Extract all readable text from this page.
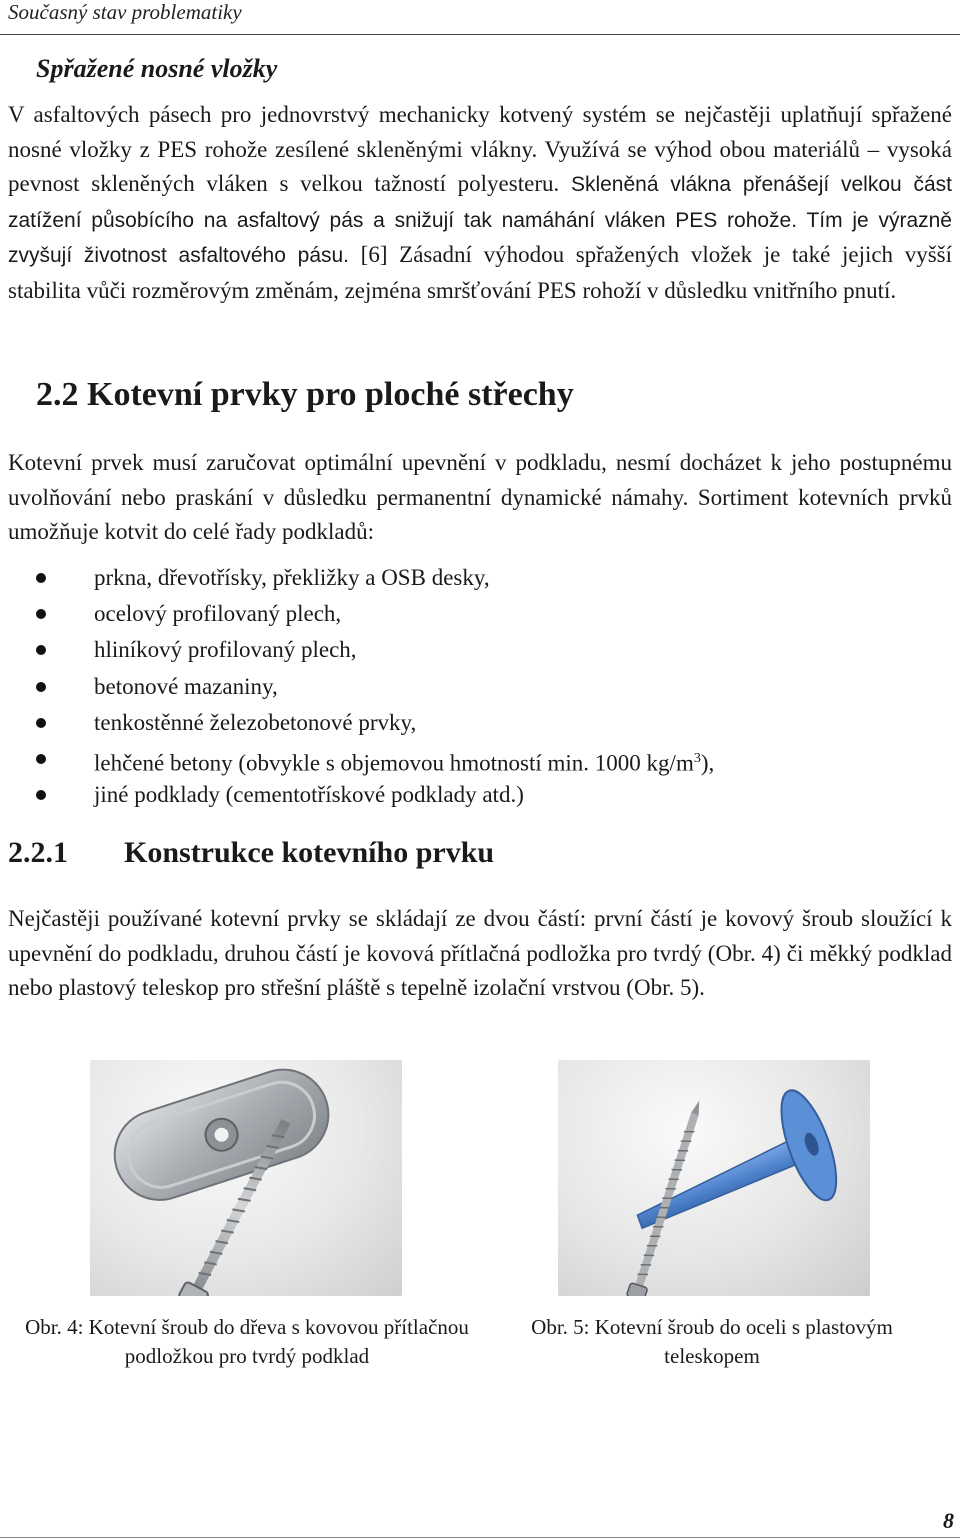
Současný stav problematiky
Spřažené nosné vložky

V asfaltových pásech pro jednovrstvý mechanicky kotvený systém se nejčastěji uplatňují spřažené nosné vložky z PES rohože zesílené skleněnými vlákny. Využívá se výhod obou materiálů – vysoká pevnost skleněných vláken s velkou tažností polyesteru. Skleněná vlákna přenášejí velkou část zatížení působícího na asfaltový pás a snižují tak namáhání vláken PES rohože. Tím je výrazně zvyšují životnost asfaltového pásu. [6] Zásadní výhodou spřažených vložek je také jejich vyšší stabilita vůči rozměrovým změnám, zejména smršťování PES rohoží v důsledku vnitřního pnutí.

2.2 Kotevní prvky pro ploché střechy

Kotevní prvek musí zaručovat optimální upevnění v podkladu, nesmí docházet k jeho postupnému uvolňování nebo praskání v důsledku permanentní dynamické námahy. Sortiment kotevních prvků umožňuje kotvit do celé řady podkladů:

prkna, dřevotřísky, překližky a OSB desky,
ocelový profilovaný plech,
hliníkový profilovaný plech,
betonové mazaniny,
tenkostěnné železobetonové prvky,
lehčené betony (obvykle s objemovou hmotností min. 1000 $kg/m^3$),
jiné podklady (cementotřískové podklady atd.)
2.2.1 Konstrukce kotevního prvku

Nejčastěji používané kotevní prvky se skládají ze dvou částí: první částí je kovový šroub sloužící k upevnění do podkladu, druhou částí je kovová přítlačná podložka pro tvrdý (Obr. 4) či měkký podklad nebo plastový teleskop pro střešní pláště s tepelně izolační vrstvou (Obr. 5).

Obr. 4: Kotevní šroub do dřeva s kovovou přítlačnou podložkou pro tvrdý podklad
Obr. 5: Kotevní šroub do oceli s plastovým teleskopem
8
